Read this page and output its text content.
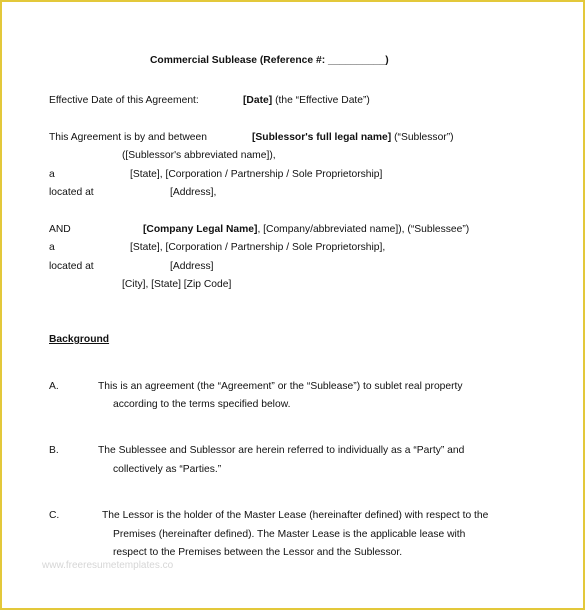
Commercial Sublease (Reference #: __________)
Effective Date of this Agreement:	[Date] (the “Effective Date”)
This Agreement is by and between	[Sublessor's full legal name] (“Sublessor”)
([Sublessor's abbreviated name]),
a	[State], [Corporation / Partnership / Sole Proprietorship]
located at	[Address],
AND	[Company Legal Name], [Company/abbreviated name]), (“Sublessee”)
a	[State], [Corporation / Partnership / Sole Proprietorship],
located at	[Address]
[City], [State] [Zip Code]
Background
A.	This is an agreement (the “Agreement” or the “Sublease”) to sublet real property
according to the terms specified below.
B.	The Sublessee and Sublessor are herein referred to individually as a “Party” and
collectively as “Parties.”
C.	The Lessor is the holder of the Master Lease (hereinafter defined) with respect to the
Premises (hereinafter defined). The Master Lease is the applicable lease with
respect to the Premises between the Lessor and the Sublessor.
www.freeresumetemplates.co
